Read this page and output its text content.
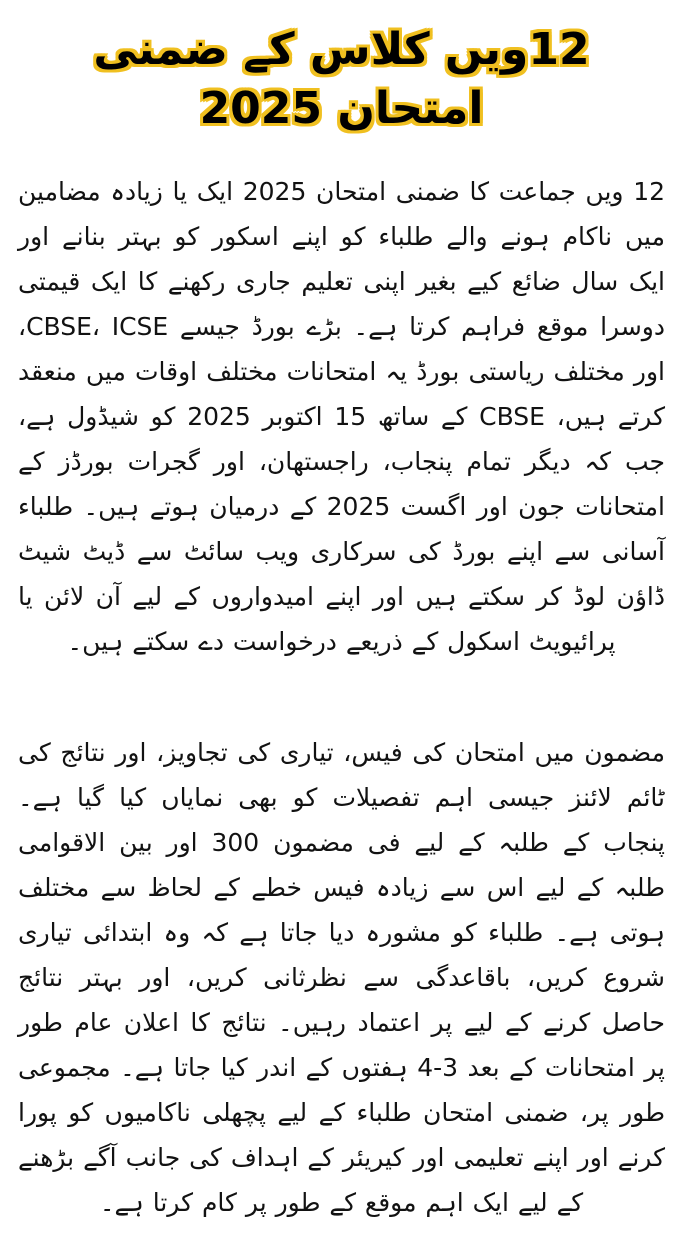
12ویں کلاس کے ضمنی امتحان 2025

12 ویں جماعت کا ضمنی امتحان 2025 ایک یا زیادہ مضامین میں ناکام ہونے والے طلباء کو اپنے اسکور کو بہتر بنانے اور ایک سال ضائع کیے بغیر اپنی تعلیم جاری رکھنے کا ایک قیمتی دوسرا موقع فراہم کرتا ہے۔ بڑے بورڈ جیسے CBSE، ICSE، اور مختلف ریاستی بورڈ یہ امتحانات مختلف اوقات میں منعقد کرتے ہیں، CBSE کے ساتھ 15 اکتوبر 2025 کو شیڈول ہے، جب کہ دیگر تمام پنجاب، راجستھان، اور گجرات بورڈز کے امتحانات جون اور اگست 2025 کے درمیان ہوتے ہیں۔ طلباء آسانی سے اپنے بورڈ کی سرکاری ویب سائٹ سے ڈیٹ شیٹ ڈاؤن لوڈ کر سکتے ہیں اور اپنے امیدواروں کے لیے آن لائن یا پرائیویٹ اسکول کے ذریعے درخواست دے سکتے ہیں۔

مضمون میں امتحان کی فیس، تیاری کی تجاویز، اور نتائج کی ٹائم لائنز جیسی اہم تفصیلات کو بھی نمایاں کیا گیا ہے۔ پنجاب کے طلبہ کے لیے فی مضمون 300 اور بین الاقوامی طلبہ کے لیے اس سے زیادہ فیس خطے کے لحاظ سے مختلف ہوتی ہے۔ طلباء کو مشورہ دیا جاتا ہے کہ وہ ابتدائی تیاری شروع کریں، باقاعدگی سے نظرثانی کریں، اور بہتر نتائج حاصل کرنے کے لیے پر اعتماد رہیں۔ نتائج کا اعلان عام طور پر امتحانات کے بعد 3-4 ہفتوں کے اندر کیا جاتا ہے۔ مجموعی طور پر، ضمنی امتحان طلباء کے لیے پچھلی ناکامیوں کو پورا کرنے اور اپنے تعلیمی اور کیریئر کے اہداف کی جانب آگے بڑھنے کے لیے ایک اہم موقع کے طور پر کام کرتا ہے۔
